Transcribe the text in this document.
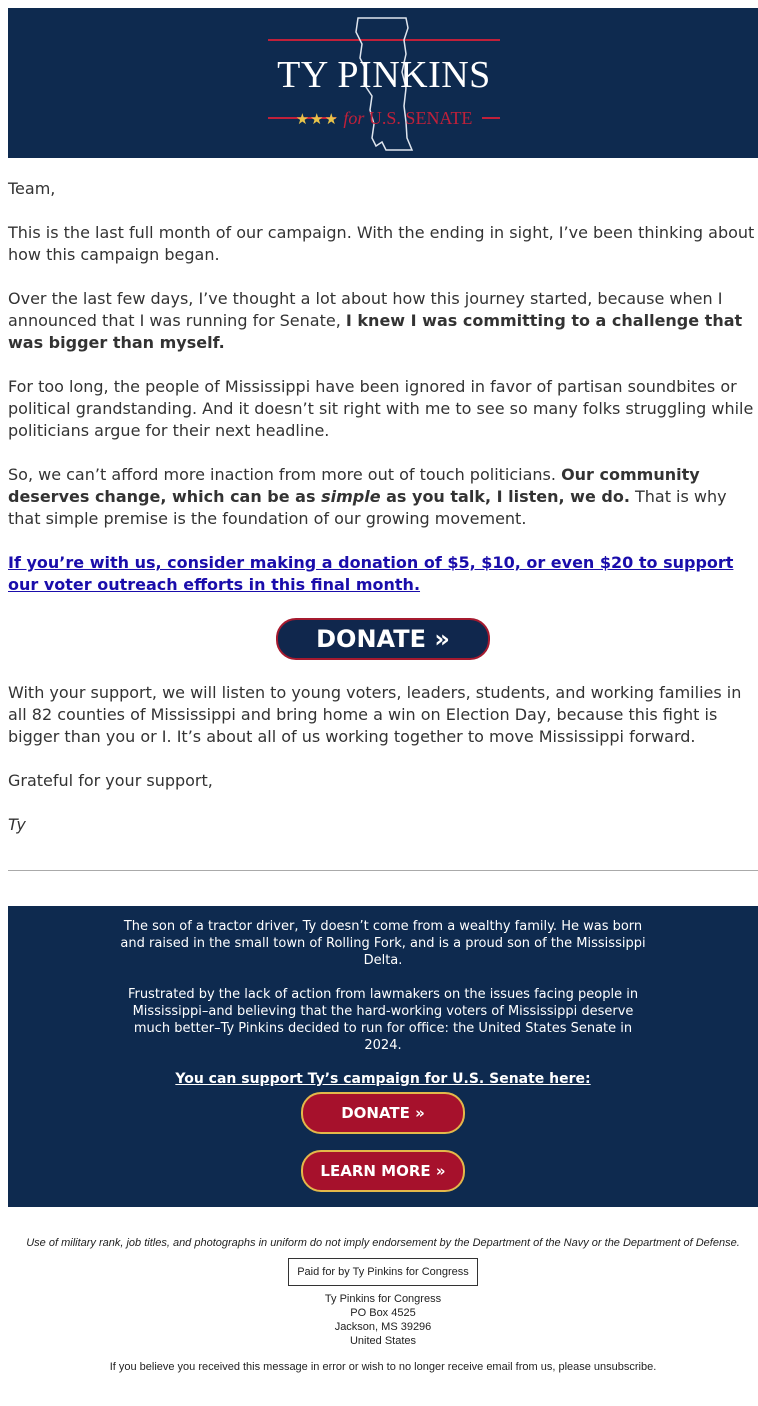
TY PINKINS
★★★ for U.S. SENATE

Team,

This is the last full month of our campaign. With the ending in sight, I’ve been thinking about how this campaign began.

Over the last few days, I’ve thought a lot about how this journey started, because when I announced that I was running for Senate, I knew I was committing to a challenge that was bigger than myself.

For too long, the people of Mississippi have been ignored in favor of partisan soundbites or political grandstanding. And it doesn’t sit right with me to see so many folks struggling while politicians argue for their next headline.

So, we can’t afford more inaction from more out of touch politicians. Our community deserves change, which can be as simple as you talk, I listen, we do. That is why that simple premise is the foundation of our growing movement.

If you’re with us, consider making a donation of $5, $10, or even $20 to support our voter outreach efforts in this final month.

DONATE »

With your support, we will listen to young voters, leaders, students, and working families in all 82 counties of Mississippi and bring home a win on Election Day, because this fight is bigger than you or I. It’s about all of us working together to move Mississippi forward.

Grateful for your support,

Ty

The son of a tractor driver, Ty doesn’t come from a wealthy family. He was born and raised in the small town of Rolling Fork, and is a proud son of the Mississippi Delta.

Frustrated by the lack of action from lawmakers on the issues facing people in Mississippi–and believing that the hard-working voters of Mississippi deserve much better–Ty Pinkins decided to run for office: the United States Senate in 2024.

You can support Ty’s campaign for U.S. Senate here:
DONATE »
LEARN MORE »
Use of military rank, job titles, and photographs in uniform do not imply endorsement by the Department of the Navy or the Department of Defense.
Paid for by Ty Pinkins for Congress
Ty Pinkins for Congress
PO Box 4525
Jackson, MS 39296
United States
If you believe you received this message in error or wish to no longer receive email from us, please unsubscribe.
